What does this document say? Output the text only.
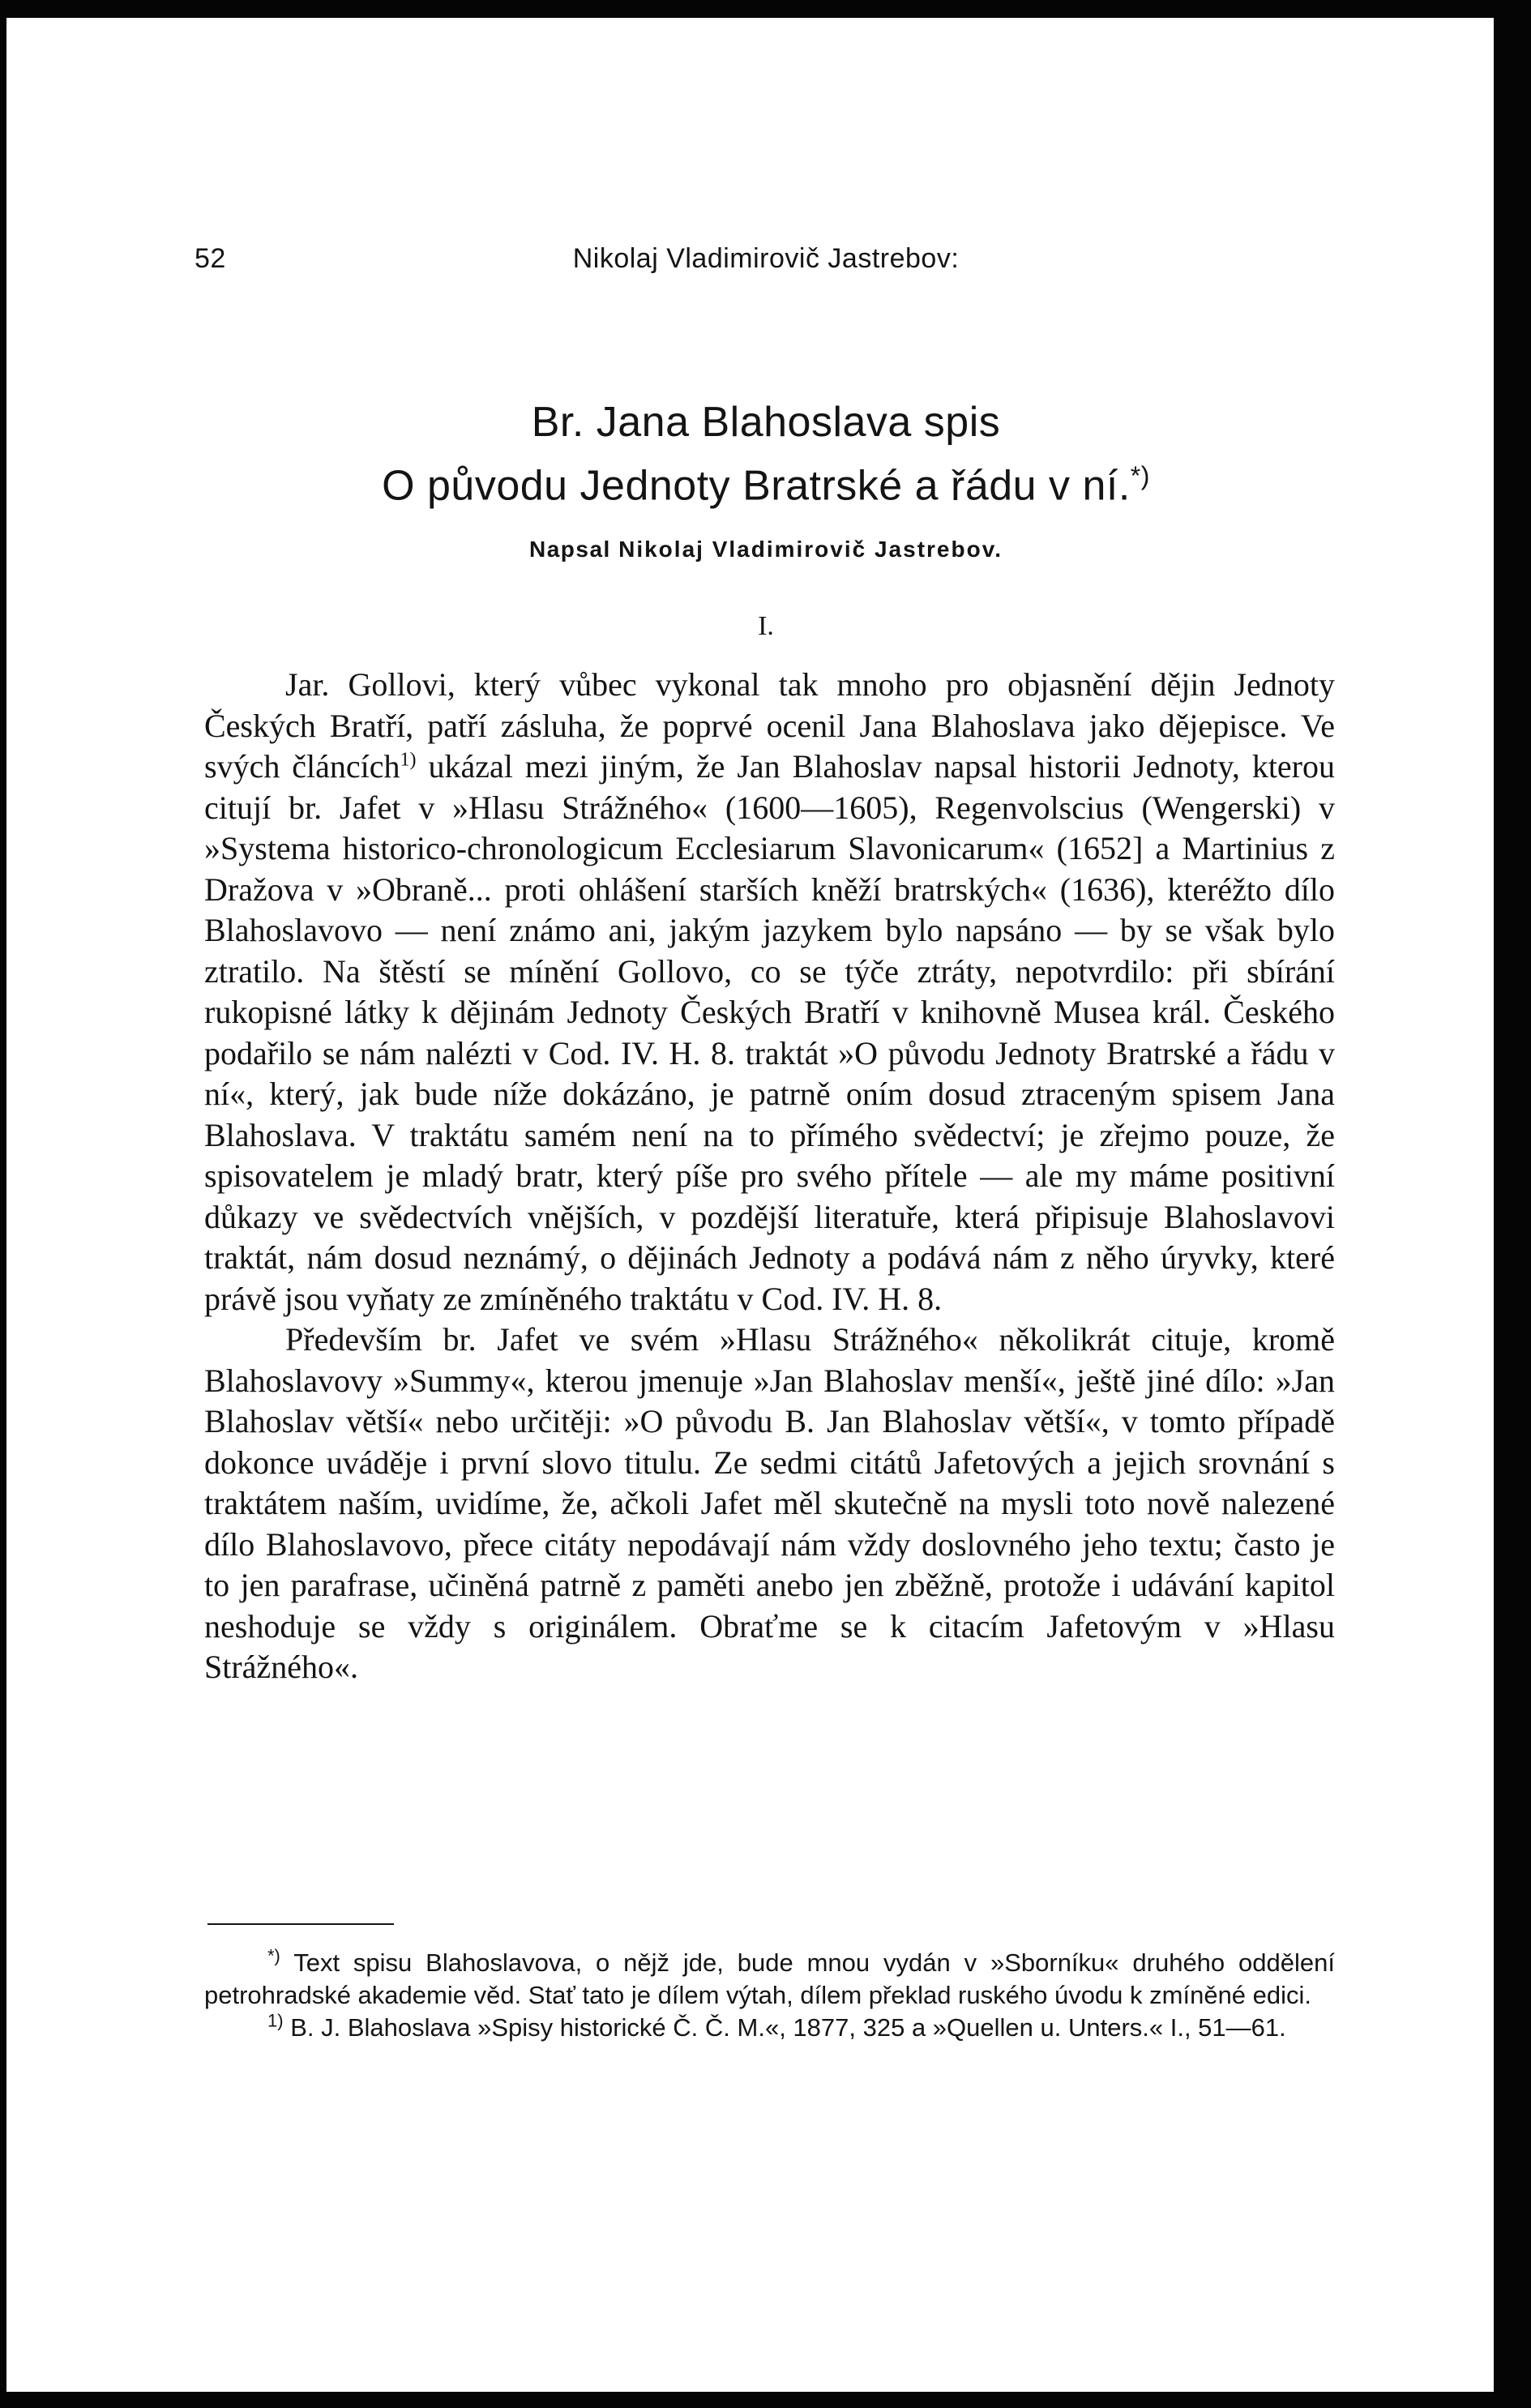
52	Nikolaj Vladimirovič Jastrebov:
Br. Jana Blahoslava spis
O původu Jednoty Bratrské a řádu v ní.*)
Napsal Nikolaj Vladimirovič Jastrebov.
I.

Jar. Gollovi, který vůbec vykonal tak mnoho pro objasnění dějin Jednoty Českých Bratří, patří zásluha, že poprvé ocenil Jana Blahoslava jako dějepisce. Ve svých článcích$^{1)}$ ukázal mezi jiným, že Jan Blahoslav napsal historii Jednoty, kterou citují br. Jafet v »Hlasu Strážného« (1600—1605), Regenvolscius (Wengerski) v »Systema historico-chronologicum Ecclesiarum Slavonicarum« (1652] a Martinius z Dražova v »Obraně... proti ohlášení starších kněží bratrských« (1636), kteréžto dílo Blahoslavovo — není známo ani, jakým jazykem bylo napsáno — by se však bylo ztratilo. Na štěstí se mínění Gollovo, co se týče ztráty, nepotvrdilo: při sbírání rukopisné látky k dějinám Jednoty Českých Bratří v knihovně Musea král. Českého podařilo se nám nalézti v Cod. IV. H. 8. traktát »O původu Jednoty Bratrské a řádu v ní«, který, jak bude níže dokázáno, je patrně oním dosud ztraceným spisem Jana Blahoslava. V traktátu samém není na to přímého svědectví; je zřejmo pouze, že spisovatelem je mladý bratr, který píše pro svého přítele — ale my máme positivní důkazy ve svědectvích vnějších, v pozdější literatuře, která připisuje Blahoslavovi traktát, nám dosud neznámý, o dějinách Jednoty a podává nám z něho úryvky, které právě jsou vyňaty ze zmíněného traktátu v Cod. IV. H. 8.

Především br. Jafet ve svém »Hlasu Strážného« několikrát cituje, kromě Blahoslavovy »Summy«, kterou jmenuje »Jan Blahoslav menší«, ještě jiné dílo: »Jan Blahoslav větší« nebo určitěji: »O původu B. Jan Blahoslav větší«, v tomto případě dokonce uváděje i první slovo titulu. Ze sedmi citátů Jafetových a jejich srovnání s traktátem naším, uvidíme, že, ačkoli Jafet měl skutečně na mysli toto nově nalezené dílo Blahoslavovo, přece citáty nepodávají nám vždy doslovného jeho textu; často je to jen parafrase, učiněná patrně z paměti anebo jen zběžně, protože i udávání kapitol neshoduje se vždy s originálem. Obraťme se k citacím Jafetovým v »Hlasu Strážného«.

*) Text spisu Blahoslavova, o nějž jde, bude mnou vydán v »Sborníku« druhého oddělení petrohradské akademie věd. Stať tato je dílem výtah, dílem překlad ruského úvodu k zmíněné edici.

$^{1)}$ B. J. Blahoslava »Spisy historické Č. Č. M.«, 1877, 325 a »Quellen u. Unters.« I., 51—61.
